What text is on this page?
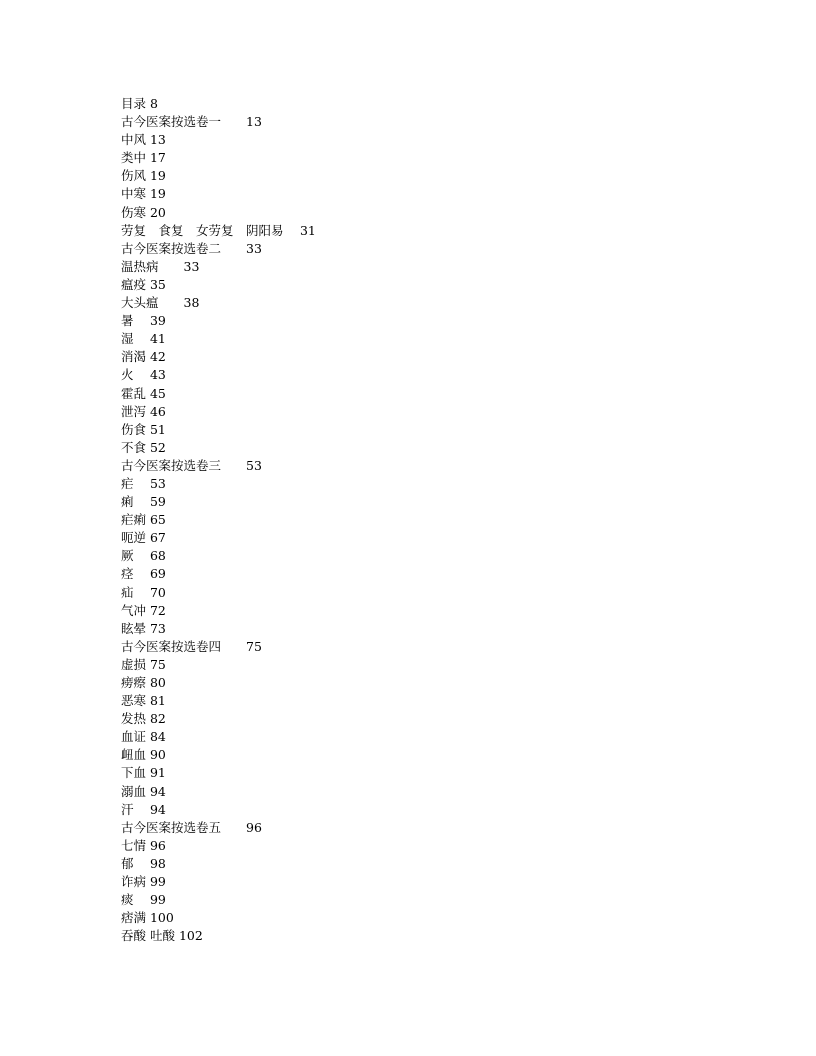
目录 8
古今医案按选卷一　　13
中风 13
类中 17
伤风 19
中寒 19
伤寒 20
劳复　食复　女劳复　阴阳易　 31
古今医案按选卷二　　33
温热病　　33
瘟疫 35
大头瘟　　38
暑　 39
湿　 41
消渴 42
火　 43
霍乱 45
泄泻 46
伤食 51
不食 52
古今医案按选卷三　　53
疟　 53
痢　 59
疟痢 65
呃逆 67
厥　 68
痉　 69
疝　 70
气冲 72
眩晕 73
古今医案按选卷四　　75
虚损 75
痨瘵 80
恶寒 81
发热 82
血证 84
衄血 90
下血 91
溺血 94
汗　 94
古今医案按选卷五　　96
七情 96
郁　 98
诈病 99
痰　 99
痞满 100
吞酸 吐酸 102
